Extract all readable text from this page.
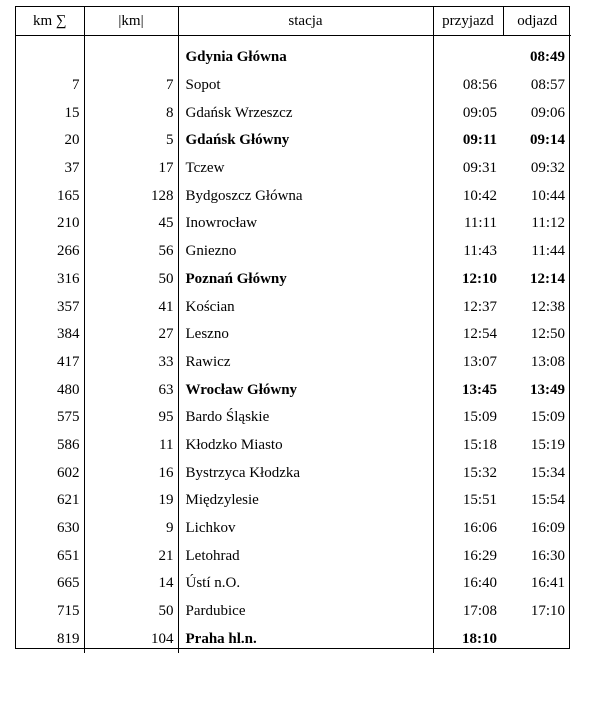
km ∑	|km|	stacja	przyjazd	odjazd
		Gdynia Główna		08:49
7	7	Sopot	08:56	08:57
15	8	Gdańsk Wrzeszcz	09:05	09:06
20	5	Gdańsk Główny	09:11	09:14
37	17	Tczew	09:31	09:32
165	128	Bydgoszcz Główna	10:42	10:44
210	45	Inowrocław	11:11	11:12
266	56	Gniezno	11:43	11:44
316	50	Poznań Główny	12:10	12:14
357	41	Kościan	12:37	12:38
384	27	Leszno	12:54	12:50
417	33	Rawicz	13:07	13:08
480	63	Wrocław Główny	13:45	13:49
575	95	Bardo Śląskie	15:09	15:09
586	11	Kłodzko Miasto	15:18	15:19
602	16	Bystrzyca Kłodzka	15:32	15:34
621	19	Międzylesie	15:51	15:54
630	9	Lichkov	16:06	16:09
651	21	Letohrad	16:29	16:30
665	14	Ústí n.O.	16:40	16:41
715	50	Pardubice	17:08	17:10
819	104	Praha hl.n.	18:10	
